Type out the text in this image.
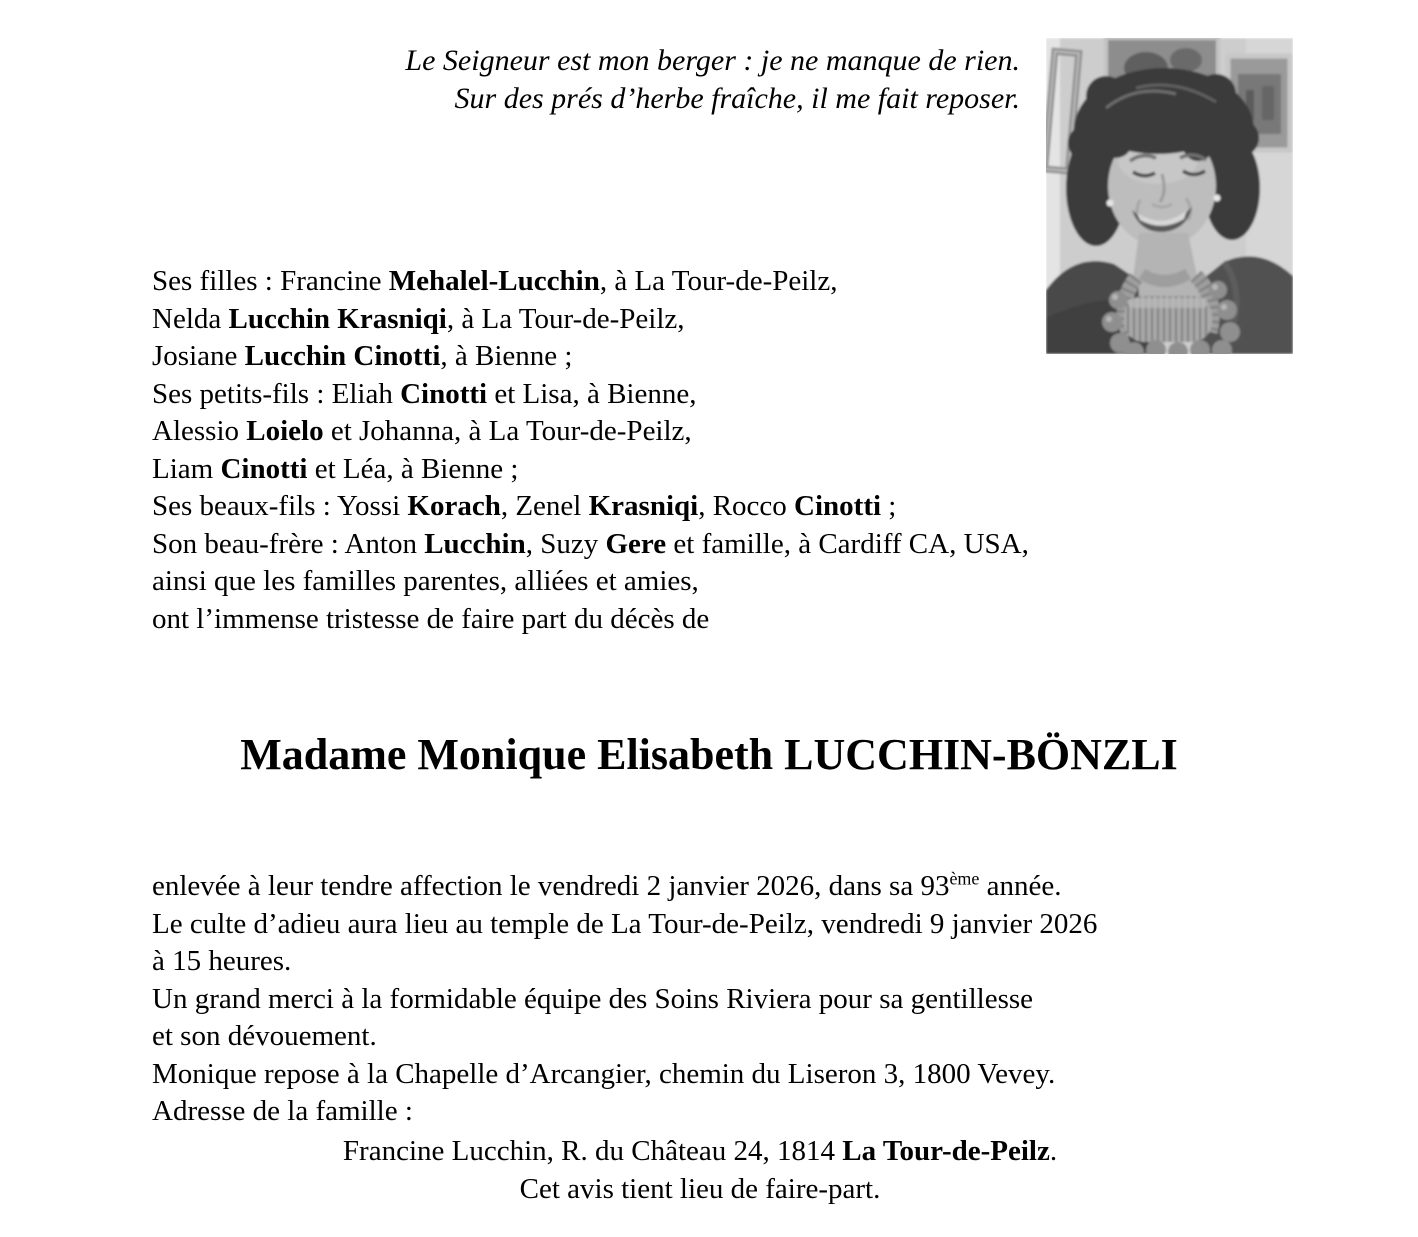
Le Seigneur est mon berger : je ne manque de rien.
Sur des prés d’herbe fraîche, il me fait reposer.
Ses filles : Francine Mehalel-Lucchin, à La Tour-de-Peilz,
Nelda Lucchin Krasniqi, à La Tour-de-Peilz,
Josiane Lucchin Cinotti, à Bienne ;
Ses petits-fils : Eliah Cinotti et Lisa, à Bienne,
Alessio Loielo et Johanna, à La Tour-de-Peilz,
Liam Cinotti et Léa, à Bienne ;
Ses beaux-fils : Yossi Korach, Zenel Krasniqi, Rocco Cinotti ;
Son beau-frère : Anton Lucchin, Suzy Gere et famille, à Cardiff CA, USA,
ainsi que les familles parentes, alliées et amies,
ont l’immense tristesse de faire part du décès de
Madame Monique Elisabeth LUCCHIN-BÖNZLI
enlevée à leur tendre affection le vendredi 2 janvier 2026, dans sa 93ème année.
Le culte d’adieu aura lieu au temple de La Tour-de-Peilz, vendredi 9 janvier 2026
à 15 heures.
Un grand merci à la formidable équipe des Soins Riviera pour sa gentillesse
et son dévouement.
Monique repose à la Chapelle d’Arcangier, chemin du Liseron 3, 1800 Vevey.
Adresse de la famille :
Francine Lucchin, R. du Château 24, 1814 La Tour-de-Peilz.
Cet avis tient lieu de faire-part.
